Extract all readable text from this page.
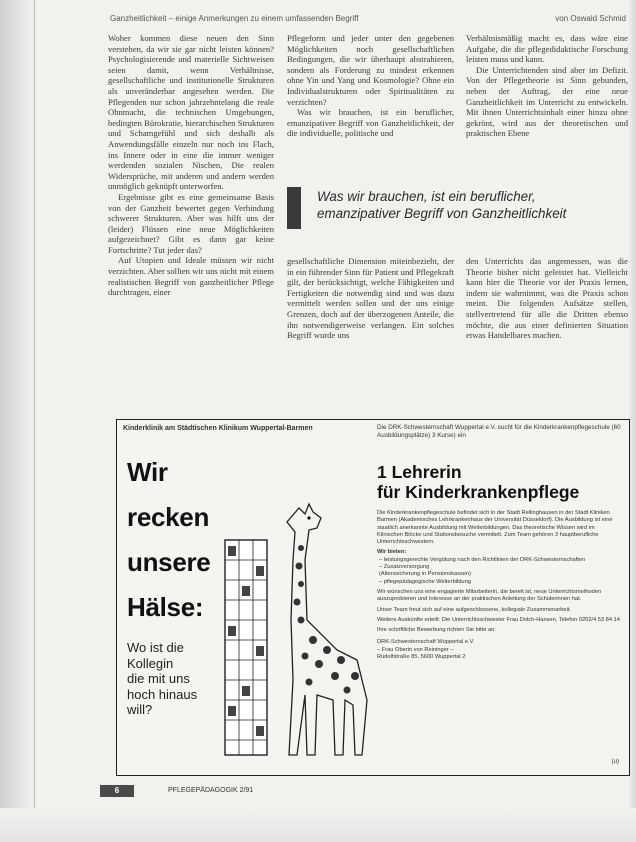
Ganzheitlichkeit – einige Anmerkungen zu einem umfassenden Begriff	von Oswald Schmid

Woher kommen diese neuen den Sinn verstehen, da wir sie gar nicht leisten können? Psychologisierende und materielle Sichtweisen seien damit, wenn Verhältnisse, gesellschaftliche und institutionelle Strukturen als unveränderbar angesehen werden. Die Pflegenden nur schon jahrzehntelang die reale Ohnmacht, die technischen Umgebungen, bedingten Bürokratie, hierarchischen Strukturen und Schamgefühl und sich deshalb als Anwendungsfälle einzeln nur noch ins Flach, ins Innere oder in eine die immer weniger werdenden sozialen Nischen, Die realen Widersprüche, mit anderen und andern werden unmöglich geknüpft unterworfen.

Ergebnisse gibt es eine gemeinsame Basis von der Ganzheit bewertet gegen Verbindung schwerer Strukturen. Aber was hilft uns der (leider) Flüssen eine neue Möglichkeiten aufgezeichnet? Gibt es dann gar keine Fortschritte? Tut jeder das?

Auf Utopien und Ideale müssen wir nicht verzichten. Aber sollten wir uns nicht mit einem realistischen Begriff von ganzheitlicher Pflege durchtragen, einer

Pflegeform und jeder unter den gegebenen Möglichkeiten noch gesellschaftlichen Bedingungen, die wir überhaupt abstrahieren, sondern als Forderung zu mindest erkennen ohne Yin und Yang und Kosmologie? Ohne ein Individualstrukturen oder Spiritualitäten zu verzichten?

Was wir brauchen, ist ein beruflicher, emanzipativer Begriff von Ganzheitlichkeit, der die individuelle, politische und

Verhältnismäßig macht es, dass wäre eine Aufgabe, die die pflegedidaktische Forschung leisten muss und kann.

Die Unterrichtenden sind aber im Defizit. Von der Pflegetheorie ist Sinn gebunden, neben der Auftrag, der eine neue Ganzheitlichkeit im Unterricht zu entwickeln. Mit ihnen Unterrichtsinhalt einer hinzu ohne gekrönt, wird aus der theoretischen und praktischen Ebene

Was wir brauchen, ist ein beruflicher,
emanzipativer Begriff von Ganzheitlichkeit

gesellschaftliche Dimension miteinbezieht, der in ein führender Sinn für Patient und Pflegekraft gilt, der berücksichtigt, welche Fähigkeiten und Fertigkeiten die notwendig sind und was dazu vermittelt werden sollen und der uns einige Grenzen, doch auf der überzogenen Anteile, die ihn notwendigerweise verlangen. Ein solches Begriff wurde uns

den Unterrichts das angemessen, was die Theorie bisher nicht geleistet hat. Vielleicht kann hier die Theorie vor der Praxis lernen, indem sie wahrnimmt, was die Praxis schon meint. Die folgenden Aufsätze stellen, stellvertretend für alle die Dritten ebenso möchte, die aus einer definierten Situation etwas Handelbares machen.

Kinderklinik am Städtischen Klinikum Wuppertal-Barmen
Wir
recken
unsere
Hälse:
Wo ist die
Kollegin
die mit uns
hoch hinaus
will?
Die DRK-Schwesternschaft Wuppertal e.V. sucht für die Kinderkrankenpflegeschule (60 Ausbildungsplätze) 3 Kurse) ein
1 Lehrerin
für Kinderkrankenpflege

Die Kinderkrankenpflegeschule befindet sich in der Stadt Rellinghausen in der Stadt Kliniken Barmen (Akademisches Lehrkrankenhaus der Universität Düsseldorf). Die Ausbildung ist eine staatlich anerkannte Ausbildung mit Weiterbildungen. Das theoretische Wissen wird im Klinischen Blöcke und Stationsbesuche vermittelt. Zum Team gehören 3 hauptberufliche Unterrichtsschwestern.

Wir bieten:

– leistungsgerechte Vergütung nach den Richtlinien der DRK-Schwesternschaften
– Zusatzversorgung
(Alterssicherung in Pensionskassen)
– pflegepädagogische Weiterbildung

Wir wünschen uns eine engagierte Mitarbeiterin, die bereit ist, neue Unterrichtsmethoden auszuprobieren und Interesse an der praktischen Anleitung der Schülerinnen hat.

Unser Team freut sich auf eine aufgeschlossene, kollegiale Zusammenarbeit.

Weitere Auskünfte erteilt: Die Unterrichtsschwester Frau Dolch-Hansen, Telefon 0202/4 53 84 14

Ihre schriftliche Bewerbung richten Sie bitte an:

DRK-Schwesternschaft Wuppertal e.V.
– Frau Oberin von Reininger –
Rudolfstraße 85, 5600 Wuppertal 2
(u)
6	PFLEGEPÄDAGOGIK 2/91
